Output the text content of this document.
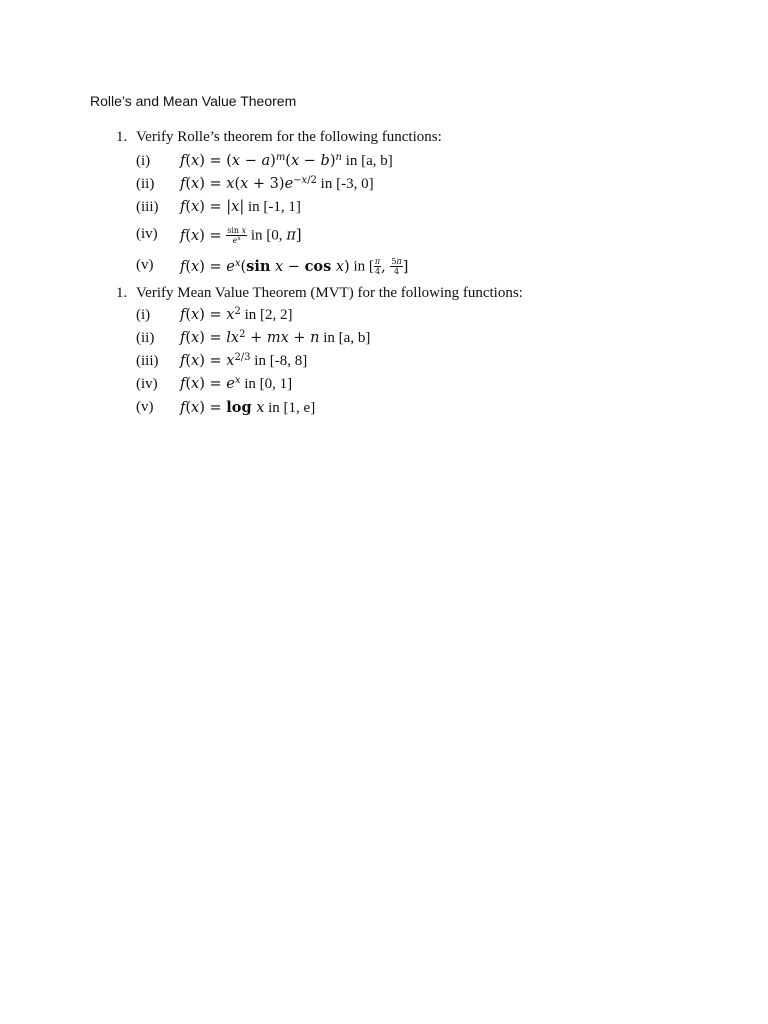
Rolle’s and Mean Value Theorem
1. Verify Rolle’s theorem for the following functions:
(i) $f(x) = (x - a)^m(x - b)^n$ in [a, b]
(ii) $f(x) = x(x + 3)e^{-x/2}$ in [-3, 0]
(iii) f(x) = |x| in [-1, 1]
(iv) $f(x) = \frac{\text{sin x}}{e^x}$ in [0, π]
(v) $f(x) = e^x(\sin$ x − cos x) in [ $\frac{\pi}{4}$ , $\frac{5\pi}{4}$ ]
1. Verify Mean Value Theorem (MVT) for the following functions:
(i) $f(x) = x^2$ in [2, 2]
(ii) $f(x) = lx^2$ + mx + n in [a, b]
(iii) $f(x) = x^{2/3}$ in [-8, 8]
(iv) $f(x) = e^x$ in [0, 1]
(v) f(x) = log x in [1, e]
